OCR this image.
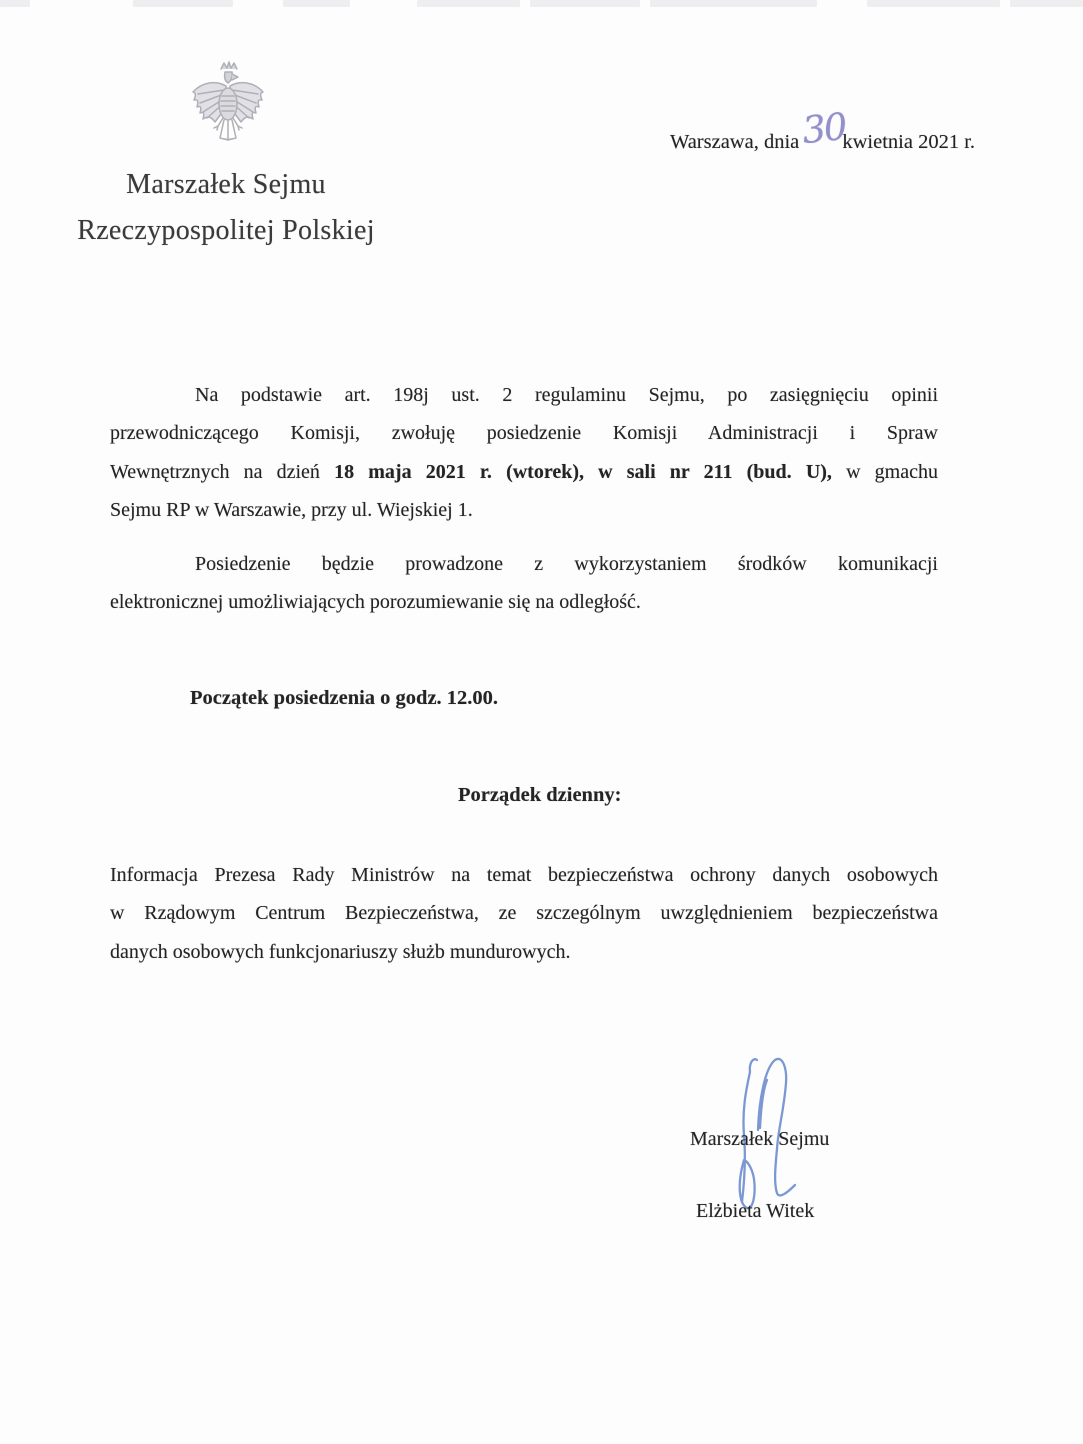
Marszałek Sejmu
Rzeczypospolitej Polskiej
Warszawa, dnia 30
kwietnia 2021 r.
Na podstawie art. 198j ust. 2 regulaminu Sejmu, po zasięgnięciu opinii
przewodniczącego Komisji, zwołuję posiedzenie Komisji Administracji i Spraw
Wewnętrznych na dzień 18 maja 2021 r. (wtorek), w sali nr 211 (bud. U), w gmachu
Sejmu RP w Warszawie, przy ul. Wiejskiej 1.
Posiedzenie będzie prowadzone z wykorzystaniem środków komunikacji
elektronicznej umożliwiających porozumiewanie się na odległość.
Początek posiedzenia o godz. 12.00.
Porządek dzienny:
Informacja Prezesa Rady Ministrów na temat bezpieczeństwa ochrony danych osobowych
w Rządowym Centrum Bezpieczeństwa, ze szczególnym uwzględnieniem bezpieczeństwa
danych osobowych funkcjonariuszy służb mundurowych.
Marszałek Sejmu
Elżbieta Witek
